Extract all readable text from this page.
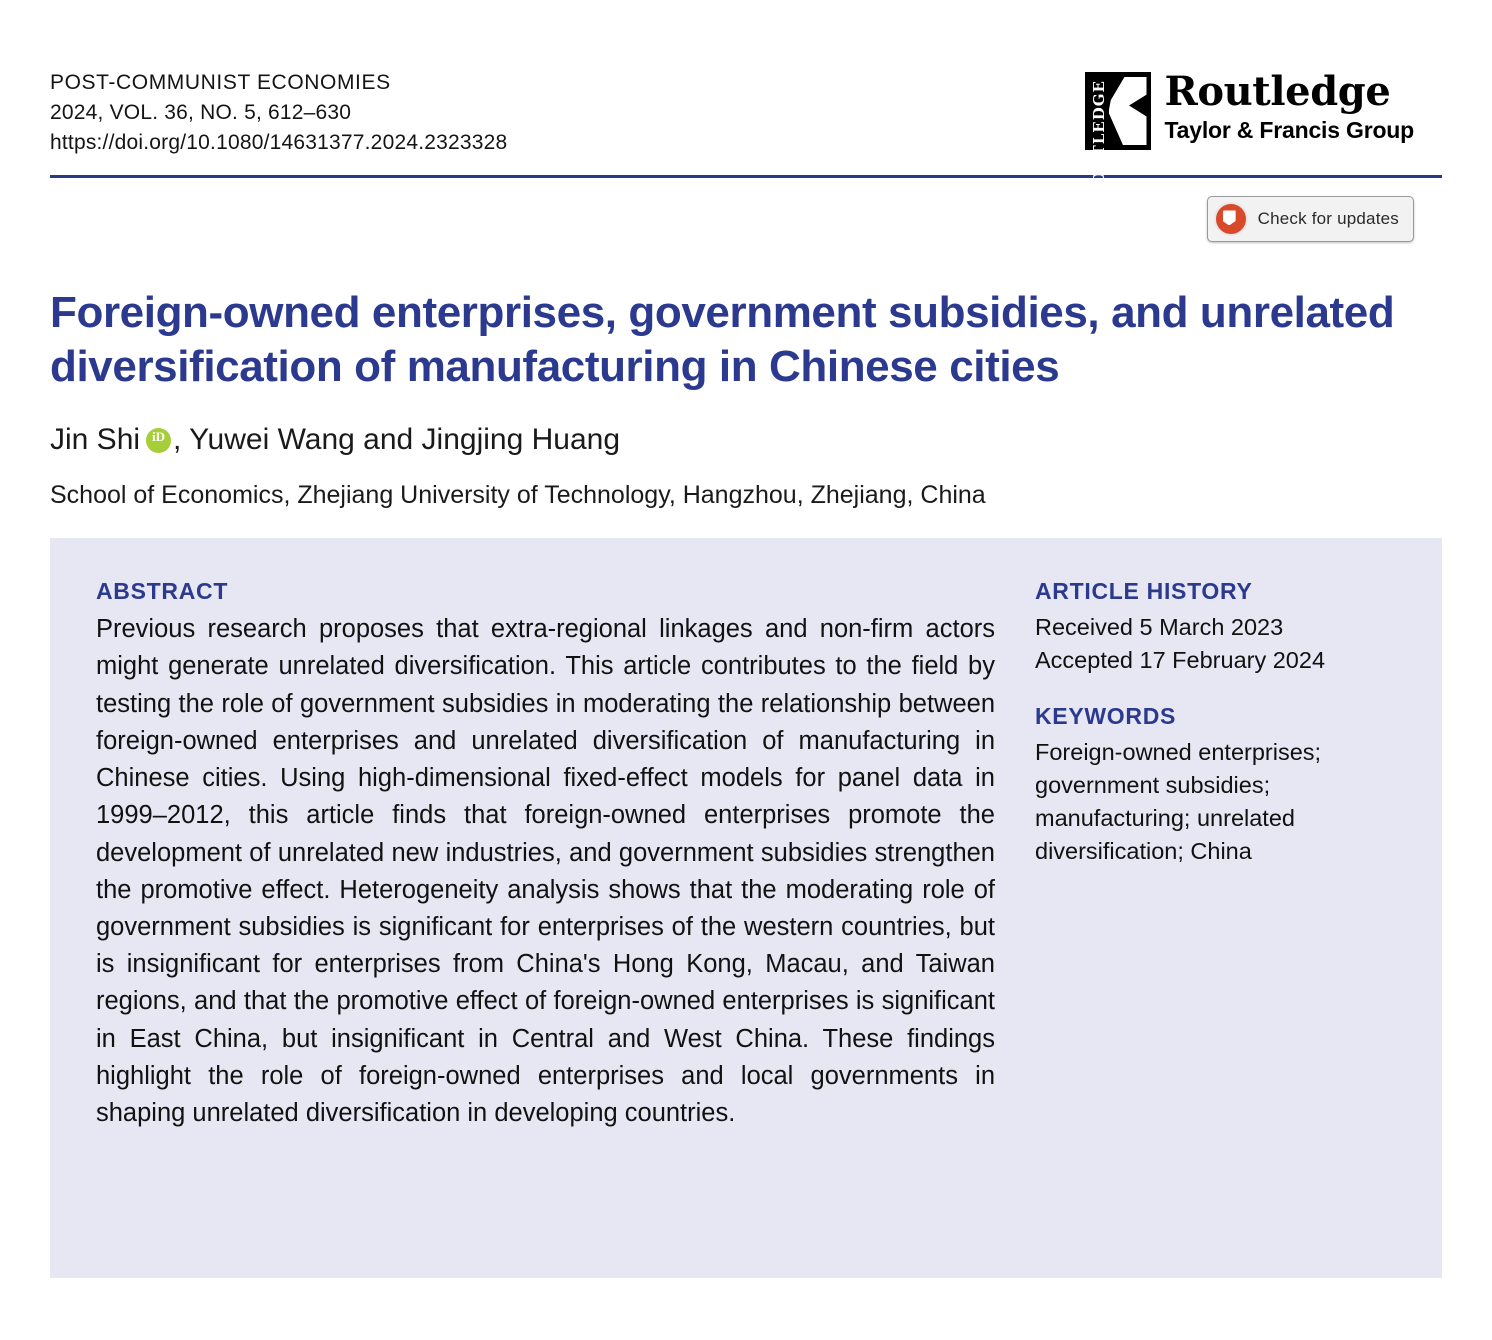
POST-COMMUNIST ECONOMIES
2024, VOL. 36, NO. 5, 612–630
https://doi.org/10.1080/14631377.2024.2323328	ROUTLEDGE Routledge
Taylor & Francis Group
Check for updates
Foreign-owned enterprises, government subsidies, and unrelated diversification of manufacturing in Chinese cities
Jin Shi iD , Yuwei Wang and Jingjing Huang
School of Economics, Zhejiang University of Technology, Hangzhou, Zhejiang, China
ABSTRACT
Previous research proposes that extra-regional linkages and non-firm actors might generate unrelated diversification. This article contributes to the field by testing the role of government subsidies in moderating the relationship between foreign-owned enterprises and unrelated diversification of manufacturing in Chinese cities. Using high-dimensional fixed-effect models for panel data in 1999–2012, this article finds that foreign-owned enterprises promote the development of unrelated new industries, and government subsidies strengthen the promotive effect. Heterogeneity analysis shows that the moderating role of government subsidies is significant for enterprises of the western countries, but is insignificant for enterprises from China's Hong Kong, Macau, and Taiwan regions, and that the promotive effect of foreign-owned enterprises is significant in East China, but insignificant in Central and West China. These findings highlight the role of foreign-owned enterprises and local governments in shaping unrelated diversification in developing countries.
ARTICLE HISTORY
Received 5 March 2023
Accepted 17 February 2024
KEYWORDS
Foreign-owned enterprises; government subsidies; manufacturing; unrelated diversification; China
